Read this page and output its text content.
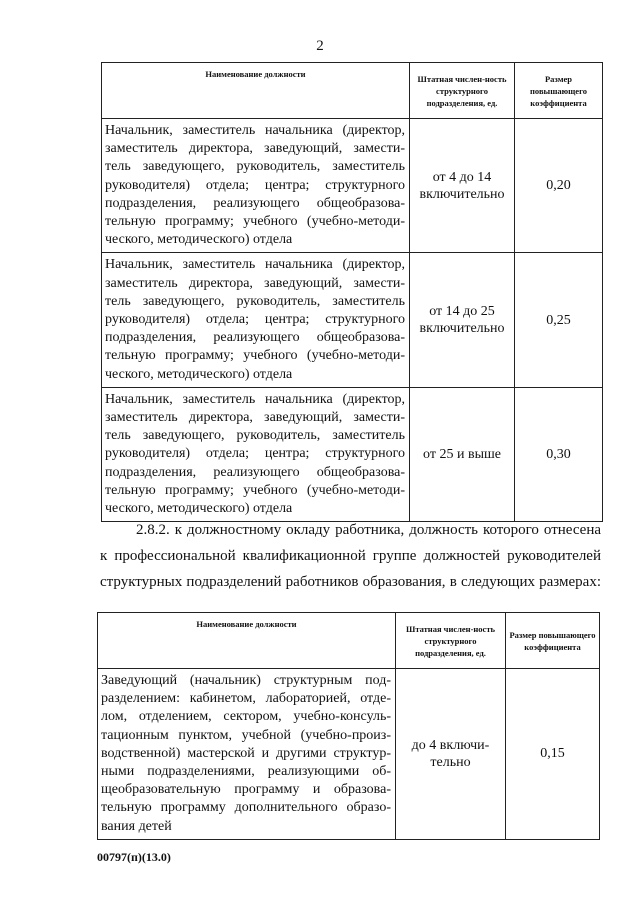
2
Наименование должности	Штатная числен-ность структурного подразделения, ед.	Размер повышающего коэффициента
Начальник, заместитель начальника (директор, заместитель директора, заведующий, замести-тель заведующего, руководитель, заместитель руководителя) отдела; центра; структурного подразделения, реализующего общеобразова-тельную программу; учебного (учебно-методи-ческого, методического) отдела	от 4 до 14 включительно	0,20
Начальник, заместитель начальника (директор, заместитель директора, заведующий, замести-тель заведующего, руководитель, заместитель руководителя) отдела; центра; структурного подразделения, реализующего общеобразова-тельную программу; учебного (учебно-методи-ческого, методического) отдела	от 14 до 25 включительно	0,25
Начальник, заместитель начальника (директор, заместитель директора, заведующий, замести-тель заведующего, руководитель, заместитель руководителя) отдела; центра; структурного подразделения, реализующего общеобразова-тельную программу; учебного (учебно-методи-ческого, методического) отдела	от 25 и выше	0,30
2.8.2. к должностному окладу работника, должность которого отнесена
к профессиональной квалификационной группе должностей руководителей
структурных подразделений работников образования, в следующих размерах:
Наименование должности	Штатная числен-ность структурного подразделения, ед.	Размер повышающего коэффициента
Заведующий (начальник) структурным под-разделением: кабинетом, лабораторией, отде-лом, отделением, сектором, учебно-консуль-тационным пунктом, учебной (учебно-произ-водственной) мастерской и другими структур-ными подразделениями, реализующими об-щеобразовательную программу и образова-тельную программу дополнительного образо-вания детей	до 4 включи-тельно	0,15
00797(п)(13.0)
